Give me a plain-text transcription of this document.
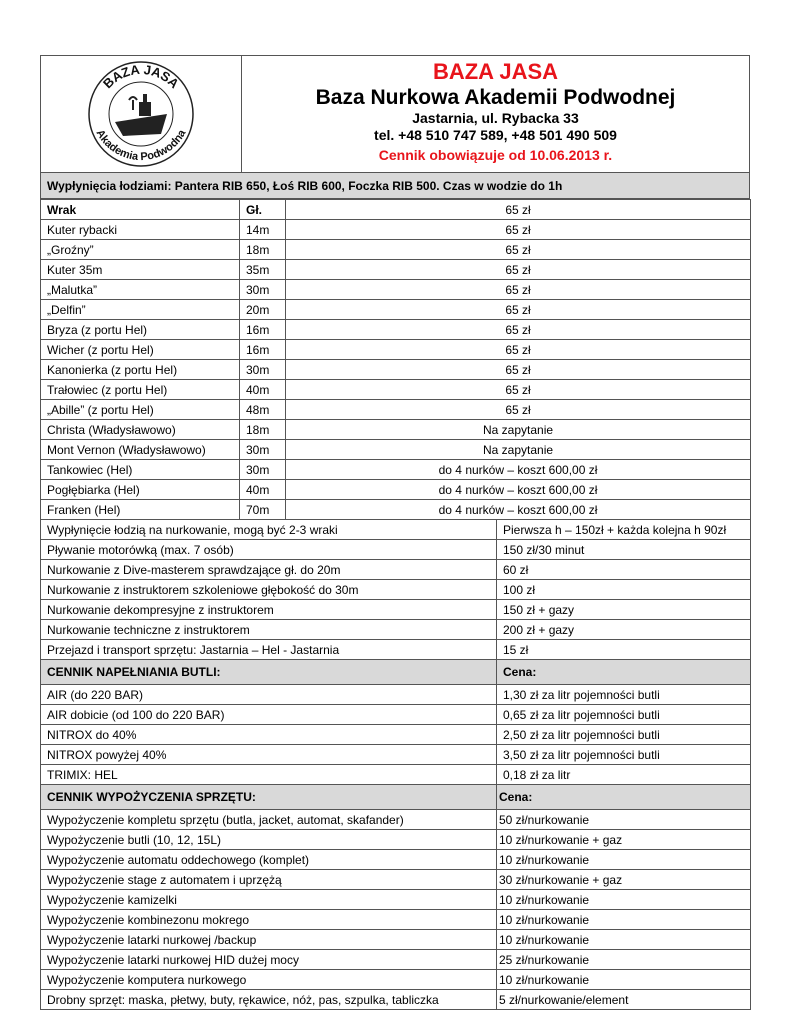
BAZA JASA
Akademia Podwodna
BAZA JASA
Baza Nurkowa Akademii Podwodnej
Jastarnia, ul. Rybacka 33
tel. +48 510 747 589, +48 501 490 509
Cennik obowiązuje od 10.06.2013 r.
Wypłynięcia łodziami: Pantera RIB 650, Łoś RIB 600, Foczka RIB 500. Czas w wodzie do 1h
Wrak	Gł.	65 zł	
Kuter rybacki	14m	65 zł	
„Groźny”	18m	65 zł	
Kuter 35m	35m	65 zł	
„Malutka”	30m	65 zł	
„Delfin”	20m	65 zł	
Bryza (z portu Hel)	16m	65 zł	
Wicher (z portu Hel)	16m	65 zł	
Kanonierka (z portu Hel)	30m	65 zł	
Trałowiec (z portu Hel)	40m	65 zł	
„Abille” (z portu Hel)	48m	65 zł	
Christa (Władysławowo)	18m	Na zapytanie	
Mont Vernon (Władysławowo)	30m	Na zapytanie	
Tankowiec (Hel)	30m	do 4 nurków – koszt 600,00 zł	
Pogłębiarka (Hel)	40m	do 4 nurków – koszt 600,00 zł	
Franken (Hel)	70m	do 4 nurków – koszt 600,00 zł	
Wypłynięcie łodzią na nurkowanie, mogą być 2-3 wraki			Pierwsza h – 150zł + każda kolejna h 90zł
Pływanie motorówką (max. 7 osób)			150 zł/30 minut
Nurkowanie z Dive-masterem sprawdzające gł. do 20m			60 zł
Nurkowanie z instruktorem szkoleniowe głębokość do 30m			100 zł
Nurkowanie dekompresyjne z instruktorem			150 zł + gazy
Nurkowanie techniczne z instruktorem			200 zł + gazy
Przejazd i transport sprzętu: Jastarnia – Hel - Jastarnia			15 zł
CENNIK NAPEŁNIANIA BUTLI:			Cena:
AIR (do 220 BAR)			1,30 zł za litr pojemności butli
AIR dobicie (od 100 do 220 BAR)			0,65 zł za litr pojemności butli
NITROX do 40%			2,50 zł za litr pojemności butli
NITROX powyżej 40%			3,50 zł za litr pojemności butli
TRIMIX: HEL			0,18 zł za litr
CENNIK WYPOŻYCZENIA SPRZĘTU:			Cena:
Wypożyczenie kompletu sprzętu (butla, jacket, automat, skafander)			50 zł/nurkowanie
Wypożyczenie butli (10, 12, 15L)			10 zł/nurkowanie + gaz
Wypożyczenie automatu oddechowego (komplet)			10 zł/nurkowanie
Wypożyczenie stage z automatem i uprzężą			30 zł/nurkowanie + gaz
Wypożyczenie kamizelki			10 zł/nurkowanie
Wypożyczenie kombinezonu mokrego			10 zł/nurkowanie
Wypożyczenie latarki nurkowej /backup			10 zł/nurkowanie
Wypożyczenie latarki nurkowej HID dużej mocy			25 zł/nurkowanie
Wypożyczenie komputera nurkowego			10 zł/nurkowanie
Drobny sprzęt: maska, płetwy, buty, rękawice, nóż, pas, szpulka, tabliczka			5 zł/nurkowanie/element
